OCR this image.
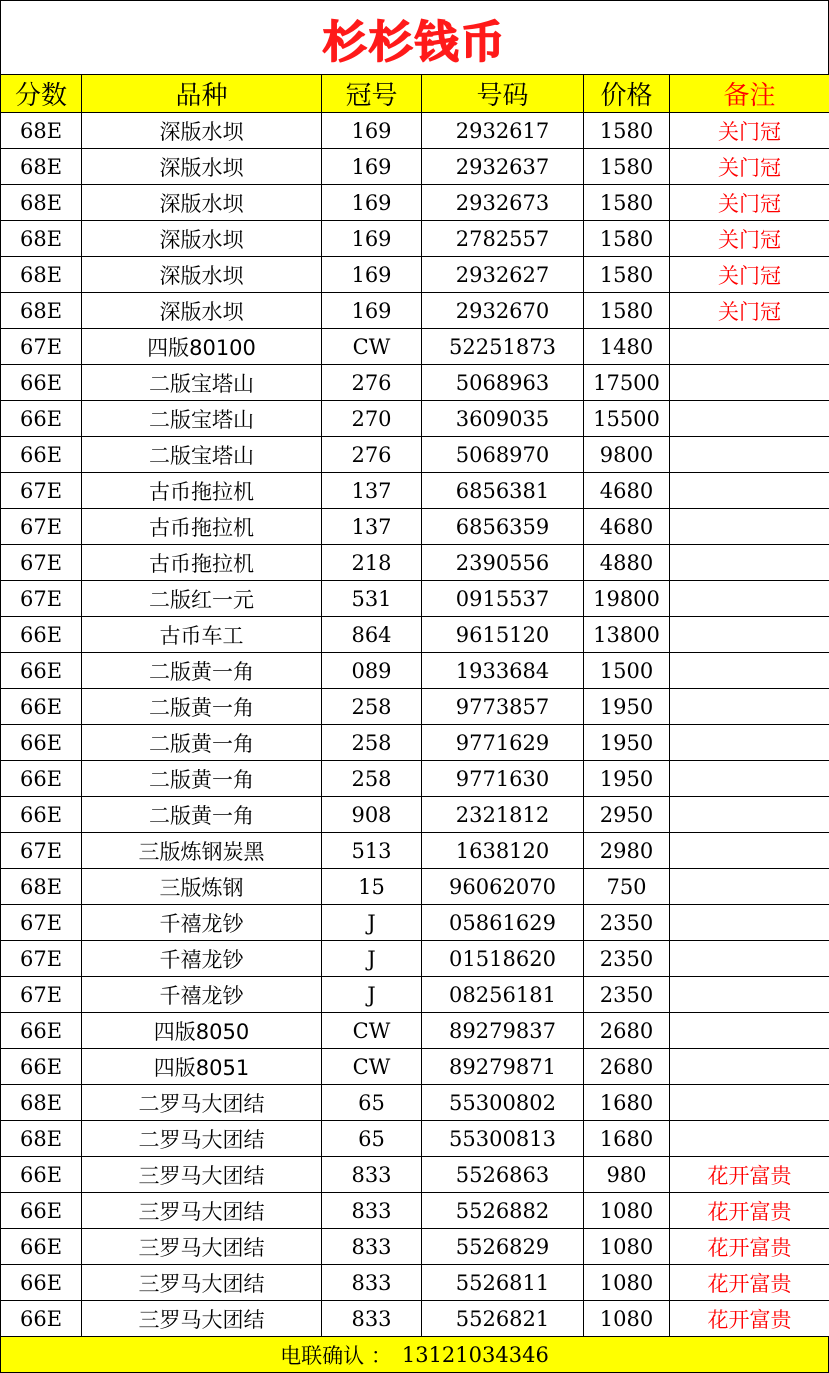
杉杉钱币
分数	品种	冠号	号码	价格	备注
68E	深版水坝	169	2932617	1580	关门冠
68E	深版水坝	169	2932637	1580	关门冠
68E	深版水坝	169	2932673	1580	关门冠
68E	深版水坝	169	2782557	1580	关门冠
68E	深版水坝	169	2932627	1580	关门冠
68E	深版水坝	169	2932670	1580	关门冠
67E	四版80100	CW	52251873	1480	
66E	二版宝塔山	276	5068963	17500	
66E	二版宝塔山	270	3609035	15500	
66E	二版宝塔山	276	5068970	9800	
67E	古币拖拉机	137	6856381	4680	
67E	古币拖拉机	137	6856359	4680	
67E	古币拖拉机	218	2390556	4880	
67E	二版红一元	531	0915537	19800	
66E	古币车工	864	9615120	13800	
66E	二版黄一角	089	1933684	1500	
66E	二版黄一角	258	9773857	1950	
66E	二版黄一角	258	9771629	1950	
66E	二版黄一角	258	9771630	1950	
66E	二版黄一角	908	2321812	2950	
67E	三版炼钢炭黑	513	1638120	2980	
68E	三版炼钢	15	96062070	750	
67E	千禧龙钞	J	05861629	2350	
67E	千禧龙钞	J	01518620	2350	
67E	千禧龙钞	J	08256181	2350	
66E	四版8050	CW	89279837	2680	
66E	四版8051	CW	89279871	2680	
68E	二罗马大团结	65	55300802	1680	
68E	二罗马大团结	65	55300813	1680	
66E	三罗马大团结	833	5526863	980	花开富贵
66E	三罗马大团结	833	5526882	1080	花开富贵
66E	三罗马大团结	833	5526829	1080	花开富贵
66E	三罗马大团结	833	5526811	1080	花开富贵
66E	三罗马大团结	833	5526821	1080	花开富贵
电联确认 ： 13121034346
